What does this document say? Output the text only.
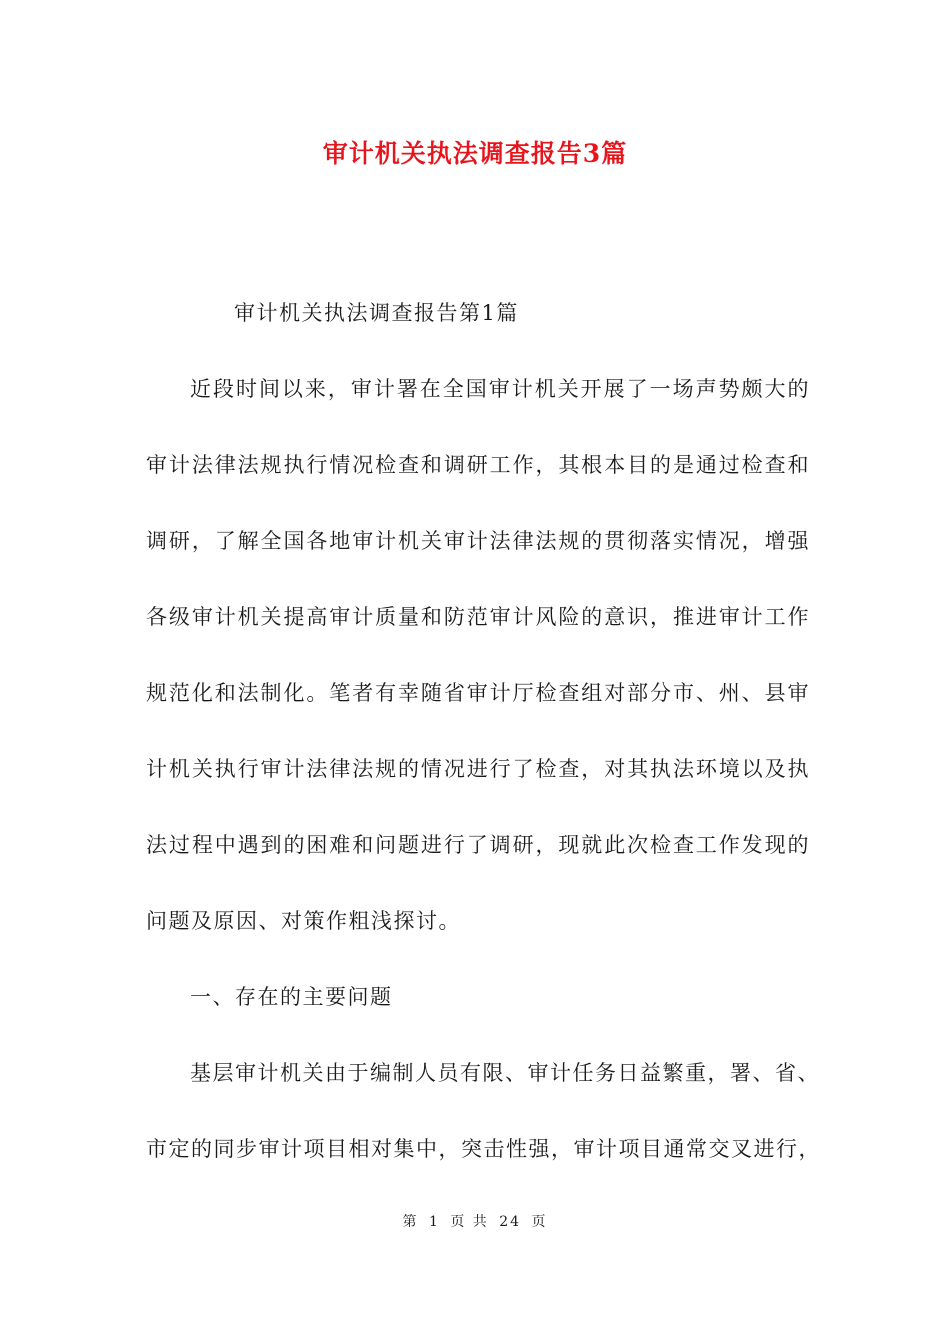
审计机关执法调查报告3篇
审计机关执法调查报告第1篇
近段时间以来，审计署在全国审计机关开展了一场声势颇大的
审计法律法规执行情况检查和调研工作，其根本目的是通过检查和
调研，了解全国各地审计机关审计法律法规的贯彻落实情况，增强
各级审计机关提高审计质量和防范审计风险的意识，推进审计工作
规范化和法制化。笔者有幸随省审计厅检查组对部分市、州、县审
计机关执行审计法律法规的情况进行了检查，对其执法环境以及执
法过程中遇到的困难和问题进行了调研，现就此次检查工作发现的
问题及原因、对策作粗浅探讨。
一、存在的主要问题
基层审计机关由于编制人员有限、审计任务日益繁重，署、省、
市定的同步审计项目相对集中，突击性强，审计项目通常交叉进行，
第 1 页 共 24 页
